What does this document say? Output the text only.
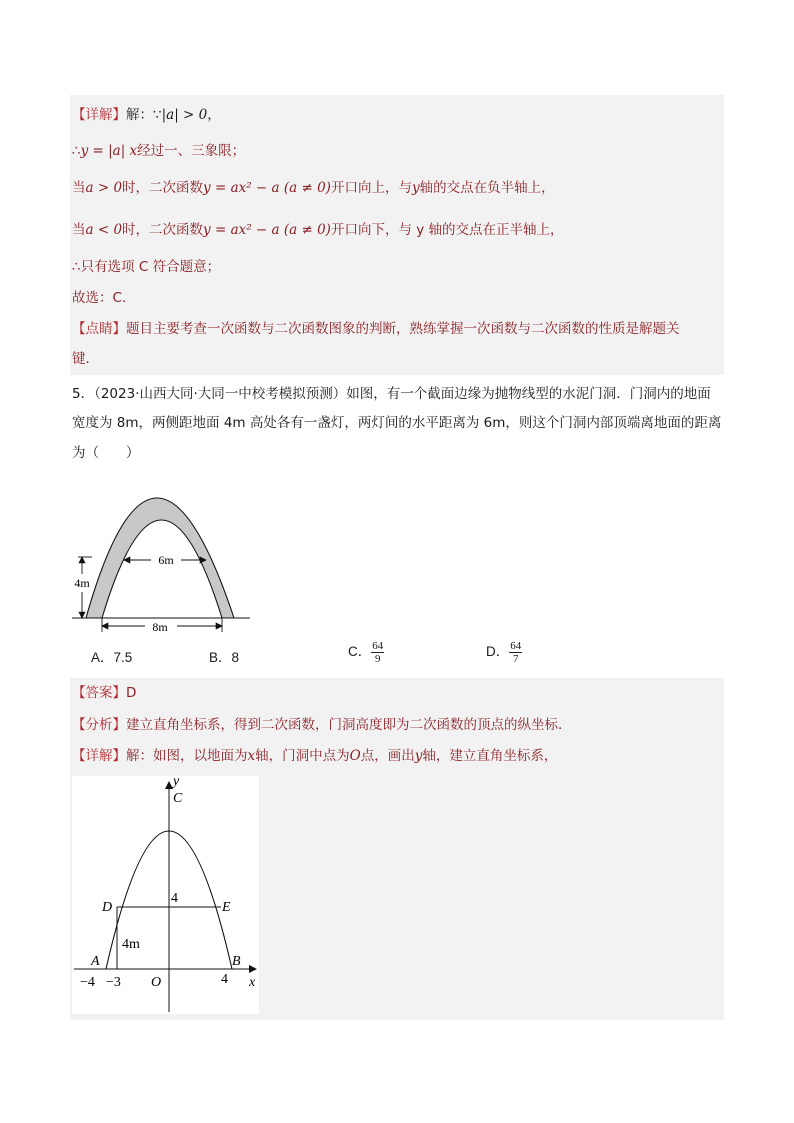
【详解】解：∵|a| > 0，
∴y = |a| x经过一、三象限；
当a > 0时，二次函数y = ax² − a (a ≠ 0)开口向上，与y轴的交点在负半轴上，
当a < 0时，二次函数y = ax² − a (a ≠ 0)开口向下，与 y 轴的交点在正半轴上，
∴只有选项 C 符合题意；
故选：C．
【点睛】题目主要考查一次函数与二次函数图象的判断，熟练掌握一次函数与二次函数的性质是解题关
键．
5．（2023·山西大同·大同一中校考模拟预测）如图，有一个截面边缘为抛物线型的水泥门洞．门洞内的地面
宽度为 8m，两侧距地面 4m 高处各有一盏灯，两灯间的水平距离为 6m，则这个门洞内部顶端离地面的距离
为（　　）
6m
4m
8m
A．7.5	B．8	C． $\frac{64}{9}$	D． $\frac{64}{7}$
【答案】D
【分析】建立直角坐标系，得到二次函数，门洞高度即为二次函数的顶点的纵坐标.
【详解】解：如图，以地面为x轴，门洞中点为O点，画出y轴，建立直角坐标系，
y
C
4
D	E
4m
A	B
−4 −3 O	4 x
